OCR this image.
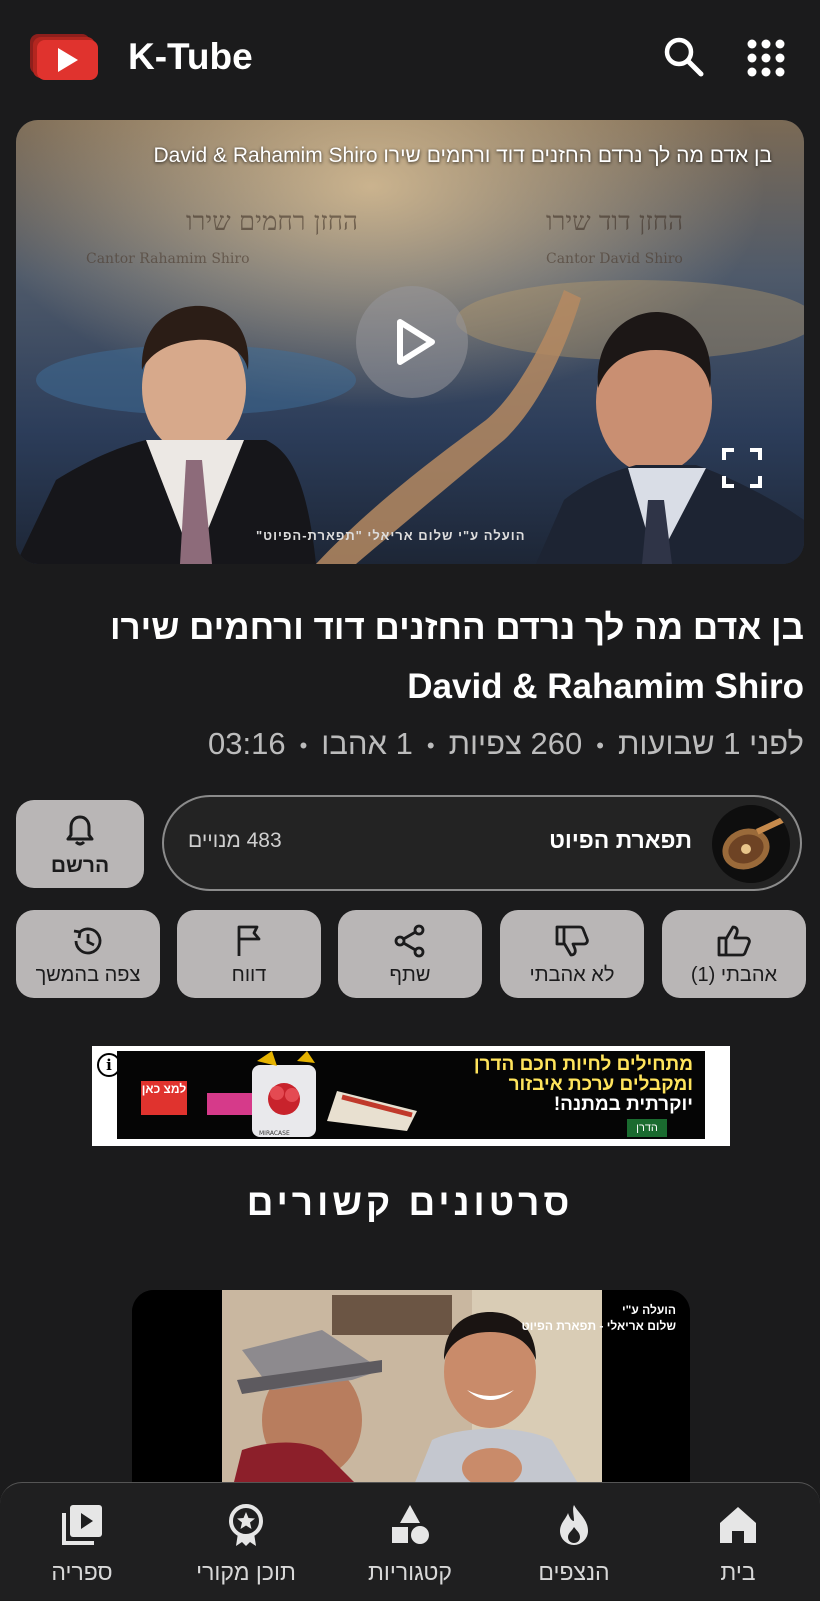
K-Tube
החזן רחמים שירו	החזן דוד שירו
Cantor Rahamim Shiro	Cantor David Shiro
בן אדם מה לך נרדם החזנים דוד ורחמים שירו David & Rahamim Shiro
הועלה ע"י שלום אריאלי "תפארת-הפיוט"
בן אדם מה לך נרדם החזנים דוד ורחמים שירו David & Rahamim Shiro
לפני 1 שבועות•260 צפיות•1 אהבו•03:16
הרשם
תפארת הפיוט
483 מנויים
אהבתי (1)
לא אהבתי
שתף
דווח
צפה בהמשך
i
למצ כאן
MIRACASE
מתחילים לחיות חכם הדרן
ומקבלים ערכת איבזור
יוקרתית במתנה!
הדרן
סרטונים קשורים
הועלה ע"י
שלום אריאלי - תפארת הפיוט
בית
הנצפים
קטגוריות
תוכן מקורי
ספריה
